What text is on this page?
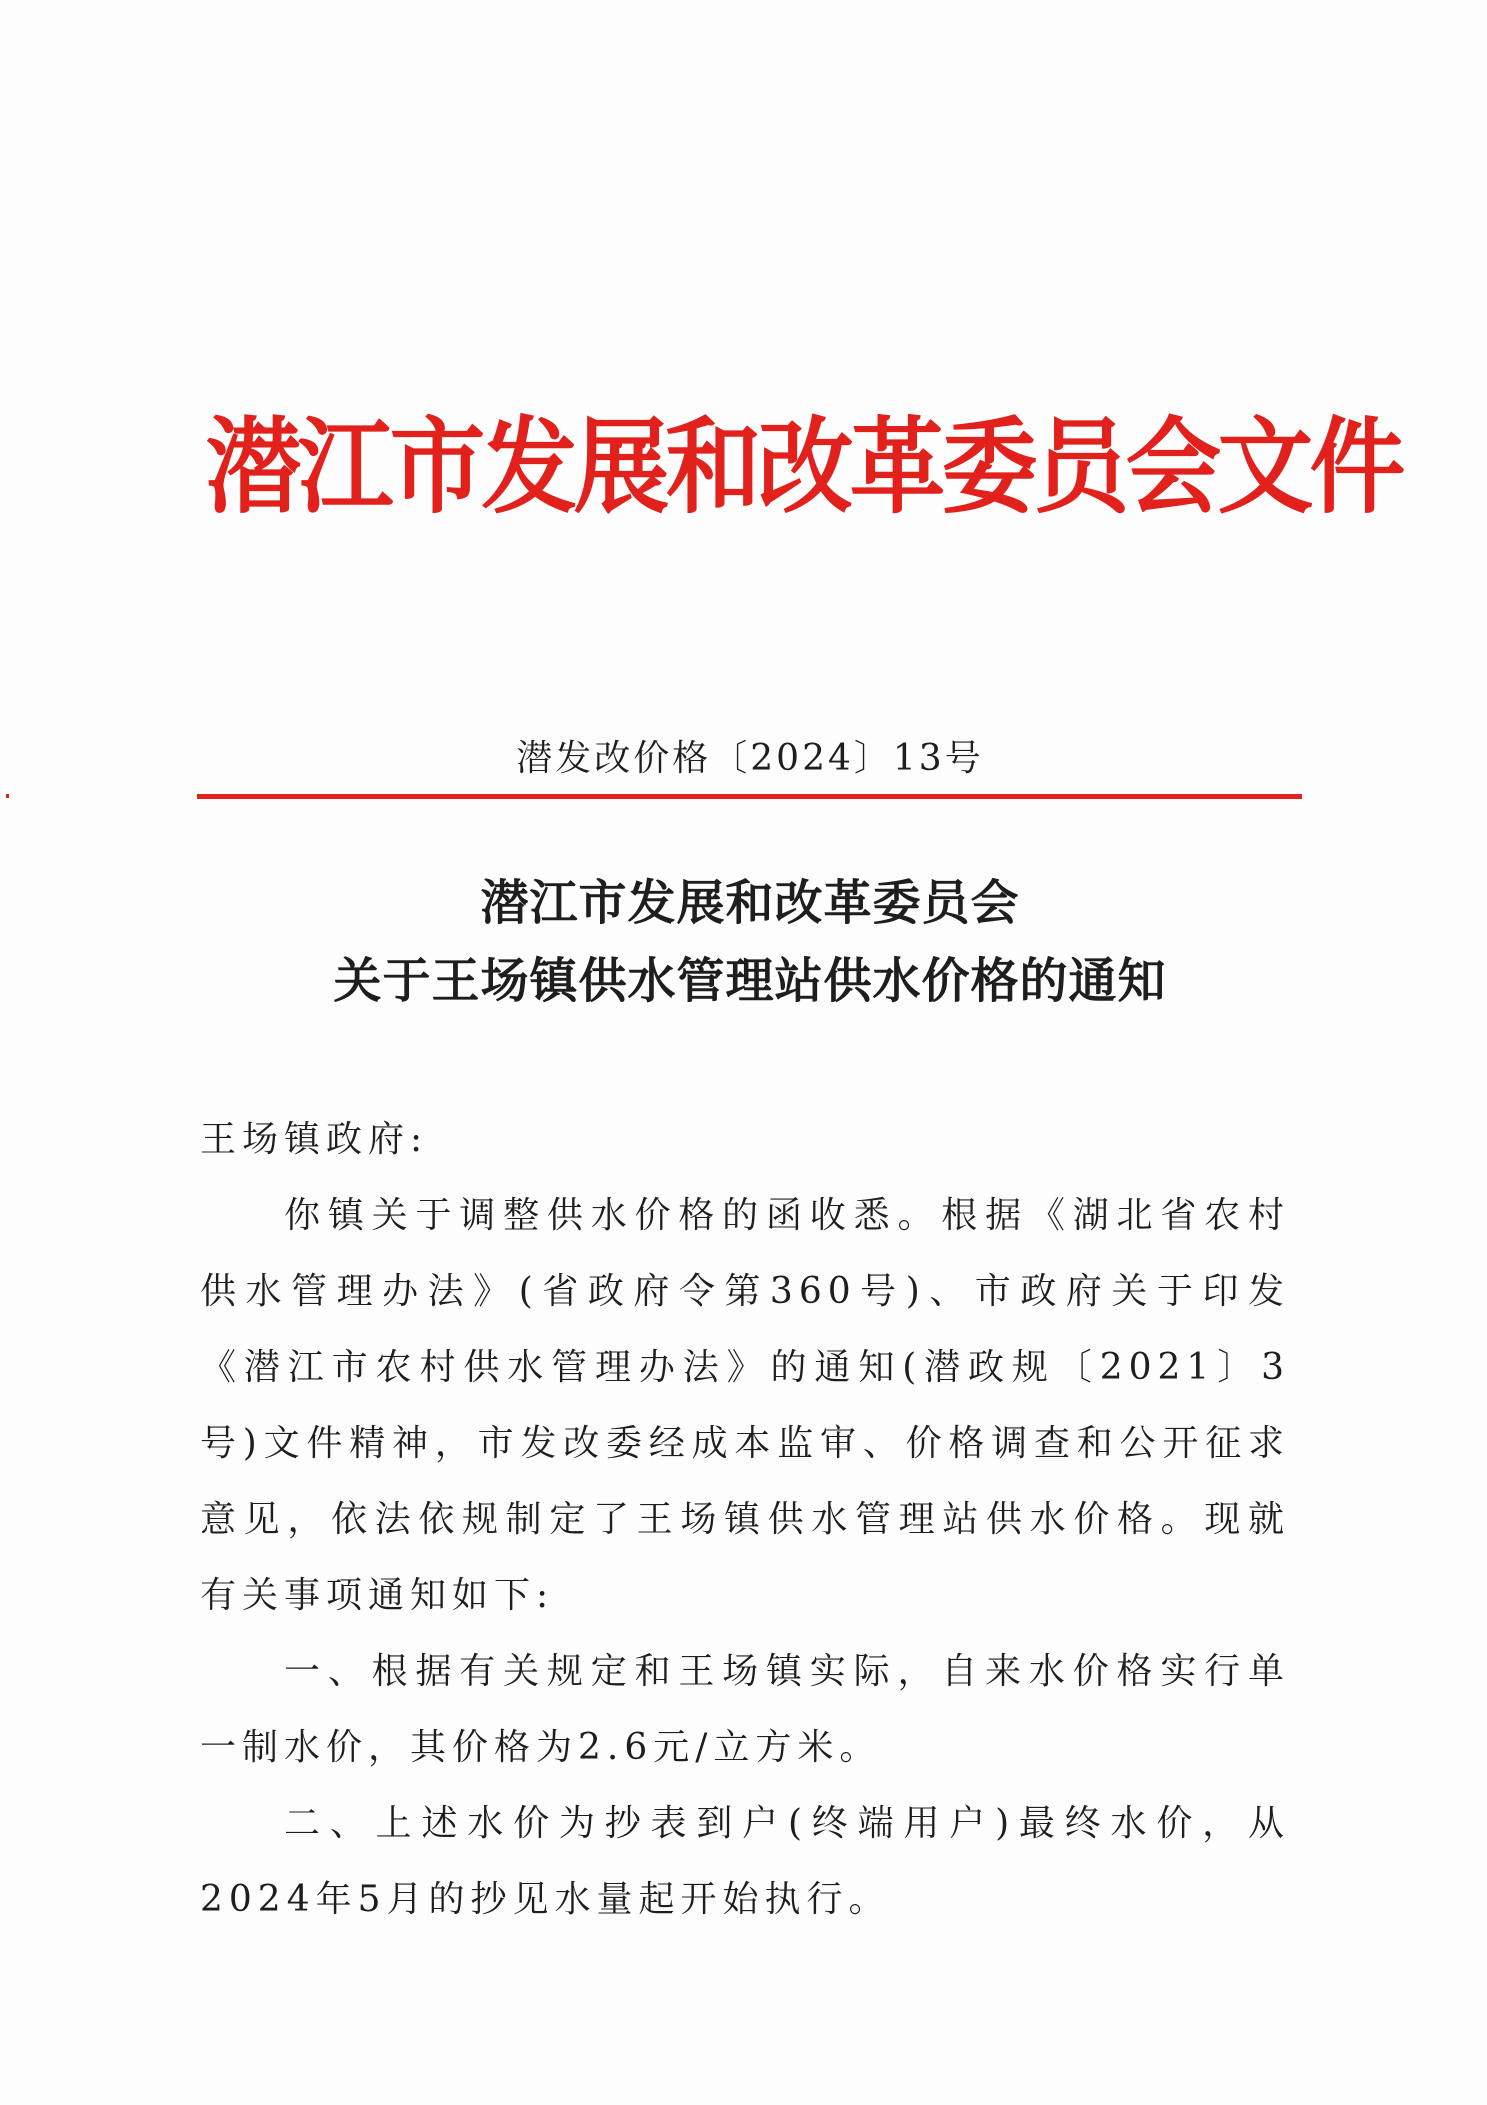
潜江市发展和改革委员会文件
潜发改价格〔2024〕13号
潜江市发展和改革委员会
关于王场镇供水管理站供水价格的通知

王场镇政府:

你镇关于调整供水价格的函收悉。根据《湖北省农村供水管理办法》(省政府令第360号)、市政府关于印发《潜江市农村供水管理办法》的通知(潜政规〔2021〕3号)文件精神，市发改委经成本监审、价格调查和公开征求意见，依法依规制定了王场镇供水管理站供水价格。现就有关事项通知如下:

一、根据有关规定和王场镇实际，自来水价格实行单一制水价，其价格为2.6元/立方米。

二、上述水价为抄表到户(终端用户)最终水价，从2024年5月的抄见水量起开始执行。
